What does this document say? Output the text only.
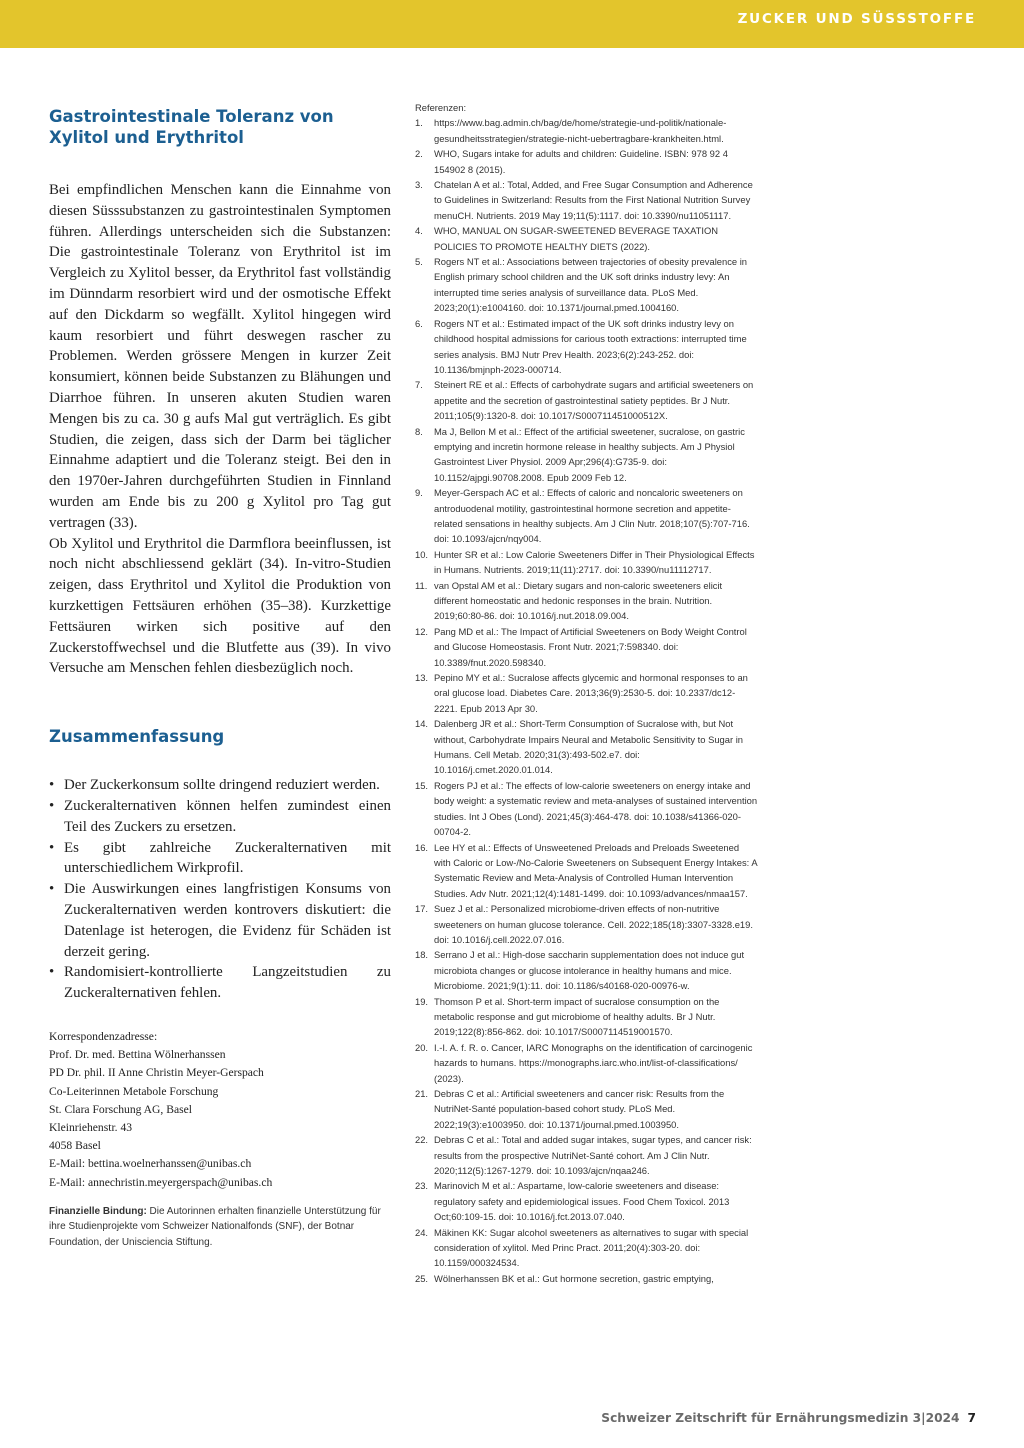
ZUCKER UND SÜSSSTOFFE
Gastrointestinale Toleranz von Xylitol und Erythritol

Bei empfindlichen Menschen kann die Einnahme von diesen Süsssubstanzen zu gastrointestinalen Symptomen führen. Allerdings unterscheiden sich die Substanzen: Die gastrointestinale Toleranz von Erythritol ist im Vergleich zu Xylitol besser, da Erythritol fast vollständig im Dünndarm resorbiert wird und der osmotische Effekt auf den Dickdarm so wegfällt. Xylitol hingegen wird kaum resorbiert und führt deswegen rascher zu Problemen. Werden grössere Mengen in kurzer Zeit konsumiert, können beide Substanzen zu Blähungen und Diarrhoe führen. In unseren akuten Studien waren Mengen bis zu ca. 30 g aufs Mal gut verträglich. Es gibt Studien, die zeigen, dass sich der Darm bei täglicher Einnahme adaptiert und die Toleranz steigt. Bei den in den 1970er-Jahren durchgeführten Studien in Finnland wurden am Ende bis zu 200 g Xylitol pro Tag gut vertragen (33).

Ob Xylitol und Erythritol die Darmflora beeinflussen, ist noch nicht abschliessend geklärt (34). In-vitro-Studien zeigen, dass Erythritol und Xylitol die Produktion von kurzkettigen Fettsäuren erhöhen (35–38). Kurzkettige Fettsäuren wirken sich positive auf den Zuckerstoffwechsel und die Blutfette aus (39). In vivo Versuche am Menschen fehlen diesbezüglich noch.

Zusammenfassung
• Der Zuckerkonsum sollte dringend reduziert werden.
• Zuckeralternativen können helfen zumindest einen Teil des Zuckers zu ersetzen.
• Es gibt zahlreiche Zuckeralternativen mit unterschiedlichem Wirkprofil.
• Die Auswirkungen eines langfristigen Konsums von Zuckeralternativen werden kontrovers diskutiert: die Datenlage ist heterogen, die Evidenz für Schäden ist derzeit gering.
• Randomisiert-kontrollierte Langzeitstudien zu Zuckeralternativen fehlen.
Korrespondenzadresse:
Prof. Dr. med. Bettina Wölnerhanssen
PD Dr. phil. II Anne Christin Meyer-Gerspach
Co-Leiterinnen Metabole Forschung
St. Clara Forschung AG, Basel
Kleinriehenstr. 43
4058 Basel
E-Mail: bettina.woelnerhanssen@unibas.ch
E-Mail: annechristin.meyergerspach@unibas.ch
Finanzielle Bindung: Die Autorinnen erhalten finanzielle Unterstützung für ihre Studienprojekte vom Schweizer Nationalfonds (SNF), der Botnar Foundation, der Unisciencia Stiftung.
Referenzen:
1. https://www.bag.admin.ch/bag/de/home/strategie-und-politik/nationale-gesundheitsstrategien/strategie-nicht-uebertragbare-krankheiten.html.
2. WHO, Sugars intake for adults and children: Guideline. ISBN: 978 92 4 154902 8 (2015).
3. Chatelan A et al.: Total, Added, and Free Sugar Consumption and Adherence to Guidelines in Switzerland: Results from the First National Nutrition Survey menuCH. Nutrients. 2019 May 19;11(5):1117. doi: 10.3390/nu11051117.
4. WHO, MANUAL ON SUGAR-SWEETENED BEVERAGE TAXATION POLICIES TO PROMOTE HEALTHY DIETS (2022).
5. Rogers NT et al.: Associations between trajectories of obesity prevalence in English primary school children and the UK soft drinks industry levy: An interrupted time series analysis of surveillance data. PLoS Med. 2023;20(1):e1004160. doi: 10.1371/journal.pmed.1004160.
6. Rogers NT et al.: Estimated impact of the UK soft drinks industry levy on childhood hospital admissions for carious tooth extractions: interrupted time series analysis. BMJ Nutr Prev Health. 2023;6(2):243-252. doi: 10.1136/bmjnph-2023-000714.
7. Steinert RE et al.: Effects of carbohydrate sugars and artificial sweeteners on appetite and the secretion of gastrointestinal satiety peptides. Br J Nutr. 2011;105(9):1320-8. doi: 10.1017/S000711451000512X.
8. Ma J, Bellon M et al.: Effect of the artificial sweetener, sucralose, on gastric emptying and incretin hormone release in healthy subjects. Am J Physiol Gastrointest Liver Physiol. 2009 Apr;296(4):G735-9. doi: 10.1152/ajpgi.90708.2008. Epub 2009 Feb 12.
9. Meyer-Gerspach AC et al.: Effects of caloric and noncaloric sweeteners on antroduodenal motility, gastrointestinal hormone secretion and appetite-related sensations in healthy subjects. Am J Clin Nutr. 2018;107(5):707-716. doi: 10.1093/ajcn/nqy004.
10. Hunter SR et al.: Low Calorie Sweeteners Differ in Their Physiological Effects in Humans. Nutrients. 2019;11(11):2717. doi: 10.3390/nu11112717.
11. van Opstal AM et al.: Dietary sugars and non-caloric sweeteners elicit different homeostatic and hedonic responses in the brain. Nutrition. 2019;60:80-86. doi: 10.1016/j.nut.2018.09.004.
12. Pang MD et al.: The Impact of Artificial Sweeteners on Body Weight Control and Glucose Homeostasis. Front Nutr. 2021;7:598340. doi: 10.3389/fnut.2020.598340.
13. Pepino MY et al.: Sucralose affects glycemic and hormonal responses to an oral glucose load. Diabetes Care. 2013;36(9):2530-5. doi: 10.2337/dc12-2221. Epub 2013 Apr 30.
14. Dalenberg JR et al.: Short-Term Consumption of Sucralose with, but Not without, Carbohydrate Impairs Neural and Metabolic Sensitivity to Sugar in Humans. Cell Metab. 2020;31(3):493-502.e7. doi: 10.1016/j.cmet.2020.01.014.
15. Rogers PJ et al.: The effects of low-calorie sweeteners on energy intake and body weight: a systematic review and meta-analyses of sustained intervention studies. Int J Obes (Lond). 2021;45(3):464-478. doi: 10.1038/s41366-020-00704-2.
16. Lee HY et al.: Effects of Unsweetened Preloads and Preloads Sweetened with Caloric or Low-/No-Calorie Sweeteners on Subsequent Energy Intakes: A Systematic Review and Meta-Analysis of Controlled Human Intervention Studies. Adv Nutr. 2021;12(4):1481-1499. doi: 10.1093/advances/nmaa157.
17. Suez J et al.: Personalized microbiome-driven effects of non-nutritive sweeteners on human glucose tolerance. Cell. 2022;185(18):3307-3328.e19. doi: 10.1016/j.cell.2022.07.016.
18. Serrano J et al.: High-dose saccharin supplementation does not induce gut microbiota changes or glucose intolerance in healthy humans and mice. Microbiome. 2021;9(1):11. doi: 10.1186/s40168-020-00976-w.
19. Thomson P et al. Short-term impact of sucralose consumption on the metabolic response and gut microbiome of healthy adults. Br J Nutr. 2019;122(8):856-862. doi: 10.1017/S0007114519001570.
20. I.-I. A. f. R. o. Cancer, IARC Monographs on the identification of carcinogenic hazards to humans. https://monographs.iarc.who.int/list-of-classifications/ (2023).
21. Debras C et al.: Artificial sweeteners and cancer risk: Results from the NutriNet-Santé population-based cohort study. PLoS Med. 2022;19(3):e1003950. doi: 10.1371/journal.pmed.1003950.
22. Debras C et al.: Total and added sugar intakes, sugar types, and cancer risk: results from the prospective NutriNet-Santé cohort. Am J Clin Nutr. 2020;112(5):1267-1279. doi: 10.1093/ajcn/nqaa246.
23. Marinovich M et al.: Aspartame, low-calorie sweeteners and disease: regulatory safety and epidemiological issues. Food Chem Toxicol. 2013 Oct;60:109-15. doi: 10.1016/j.fct.2013.07.040.
24. Mäkinen KK: Sugar alcohol sweeteners as alternatives to sugar with special consideration of xylitol. Med Princ Pract. 2011;20(4):303-20. doi: 10.1159/000324534.
25. Wölnerhanssen BK et al.: Gut hormone secretion, gastric emptying,
Schweizer Zeitschrift für Ernährungsmedizin 3|2024 7
